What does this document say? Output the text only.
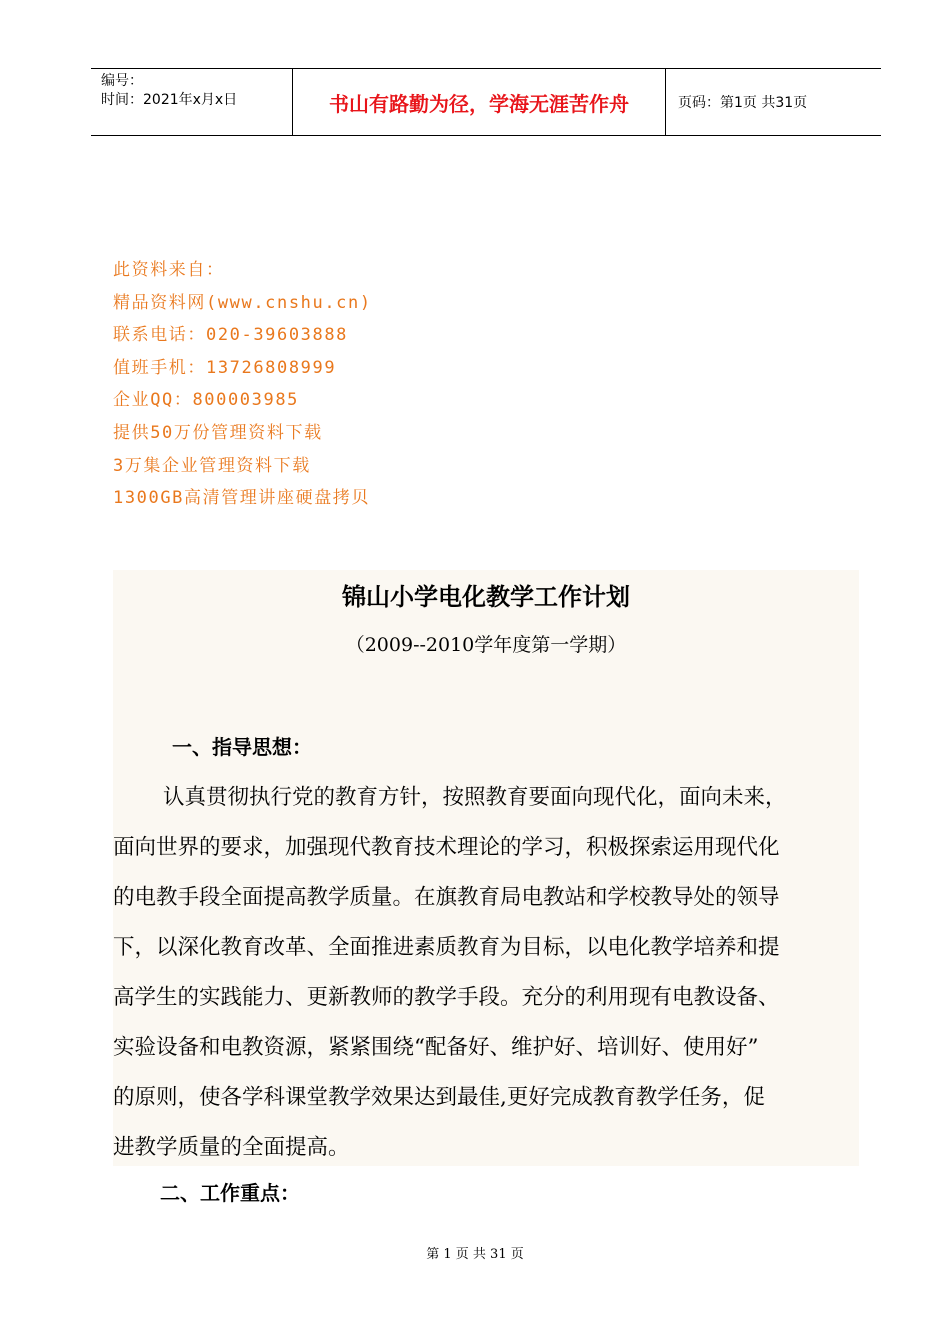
编号：
时间：2021年x月x日	书山有路勤为径，学海无涯苦作舟	页码：第1页 共31页
此资料来自：
精品资料网(www.cnshu.cn)
联系电话：020-39603888
值班手机：13726808999
企业QQ：800003985
提供50万份管理资料下载
3万集企业管理资料下载
1300GB高清管理讲座硬盘拷贝
锦山小学电化教学工作计划
（2009--2010学年度第一学期）
一、指导思想：
认真贯彻执行党的教育方针，按照教育要面向现代化，面向未来，
面向世界的要求，加强现代教育技术理论的学习，积极探索运用现代化
的电教手段全面提高教学质量。在旗教育局电教站和学校教导处的领导
下，以深化教育改革、全面推进素质教育为目标，以电化教学培养和提
高学生的实践能力、更新教师的教学手段。充分的利用现有电教设备、
实验设备和电教资源，紧紧围绕“配备好、维护好、培训好、使用好”
的原则，使各学科课堂教学效果达到最佳,更好完成教育教学任务，促
进教学质量的全面提高。
二、工作重点：
第 1 页 共 31 页
